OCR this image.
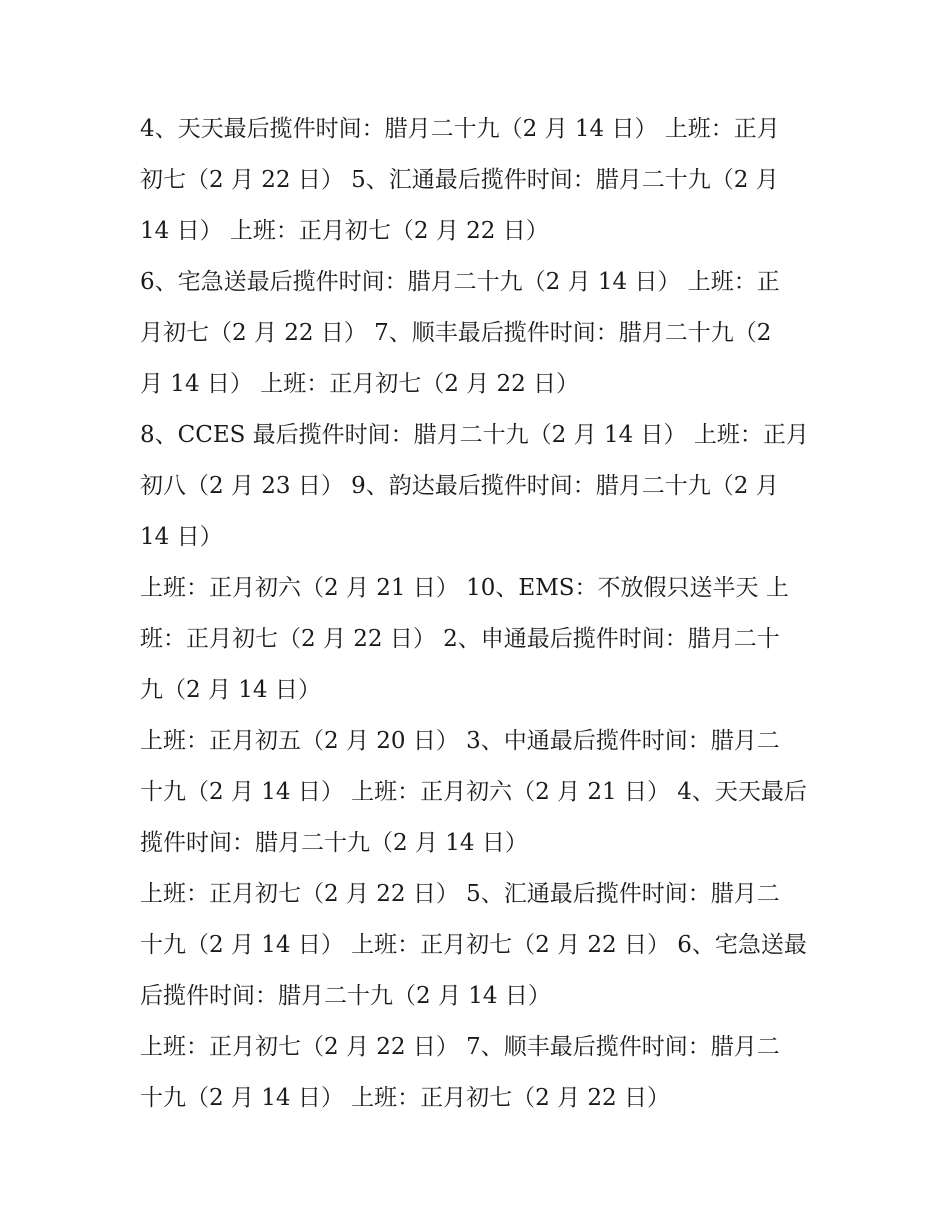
4、天天最后揽件时间：腊月二十九（2 月 14 日） 上班：正月
初七（2 月 22 日） 5、汇通最后揽件时间：腊月二十九（2 月
14 日） 上班：正月初七（2 月 22 日）
6、宅急送最后揽件时间：腊月二十九（2 月 14 日） 上班：正
月初七（2 月 22 日） 7、顺丰最后揽件时间：腊月二十九（2
月 14 日） 上班：正月初七（2 月 22 日）
8、CCES 最后揽件时间：腊月二十九（2 月 14 日） 上班：正月
初八（2 月 23 日） 9、韵达最后揽件时间：腊月二十九（2 月
14 日）
上班：正月初六（2 月 21 日） 10、EMS：不放假只送半天 上
班：正月初七（2 月 22 日） 2、申通最后揽件时间：腊月二十
九（2 月 14 日）
上班：正月初五（2 月 20 日） 3、中通最后揽件时间：腊月二
十九（2 月 14 日） 上班：正月初六（2 月 21 日） 4、天天最后
揽件时间：腊月二十九（2 月 14 日）
上班：正月初七（2 月 22 日） 5、汇通最后揽件时间：腊月二
十九（2 月 14 日） 上班：正月初七（2 月 22 日） 6、宅急送最
后揽件时间：腊月二十九（2 月 14 日）
上班：正月初七（2 月 22 日） 7、顺丰最后揽件时间：腊月二
十九（2 月 14 日） 上班：正月初七（2 月 22 日）
